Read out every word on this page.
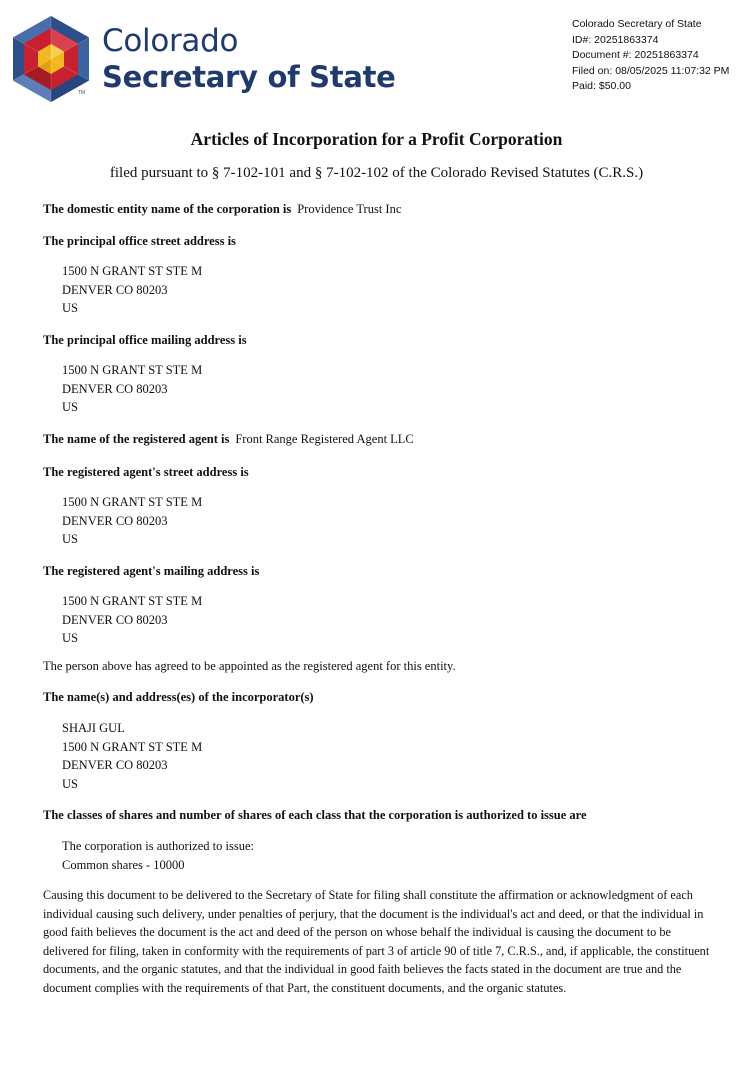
Colorado
Secretary of State
TM
Colorado Secretary of State
ID#: 20251863374
Document #: 20251863374
Filed on: 08/05/2025 11:07:32 PM
Paid: $50.00
Articles of Incorporation for a Profit Corporation
filed pursuant to § 7-102-101 and § 7-102-102 of the Colorado Revised Statutes (C.R.S.)
The domestic entity name of the corporation is Providence Trust Inc
The principal office street address is
1500 N GRANT ST STE M
DENVER CO 80203
US
The principal office mailing address is
1500 N GRANT ST STE M
DENVER CO 80203
US
The name of the registered agent is Front Range Registered Agent LLC
The registered agent's street address is
1500 N GRANT ST STE M
DENVER CO 80203
US
The registered agent's mailing address is
1500 N GRANT ST STE M
DENVER CO 80203
US
The person above has agreed to be appointed as the registered agent for this entity.
The name(s) and address(es) of the incorporator(s)
SHAJI GUL
1500 N GRANT ST STE M
DENVER CO 80203
US
The classes of shares and number of shares of each class that the corporation is authorized to issue are
The corporation is authorized to issue:
Common shares - 10000
Causing this document to be delivered to the Secretary of State for filing shall constitute the affirmation or acknowledgment of each individual causing such delivery, under penalties of perjury, that the document is the individual's act and deed, or that the individual in good faith believes the document is the act and deed of the person on whose behalf the individual is causing the document to be delivered for filing, taken in conformity with the requirements of part 3 of article 90 of title 7, C.R.S., and, if applicable, the constituent documents, and the organic statutes, and that the individual in good faith believes the facts stated in the document are true and the document complies with the requirements of that Part, the constituent documents, and the organic statutes.
